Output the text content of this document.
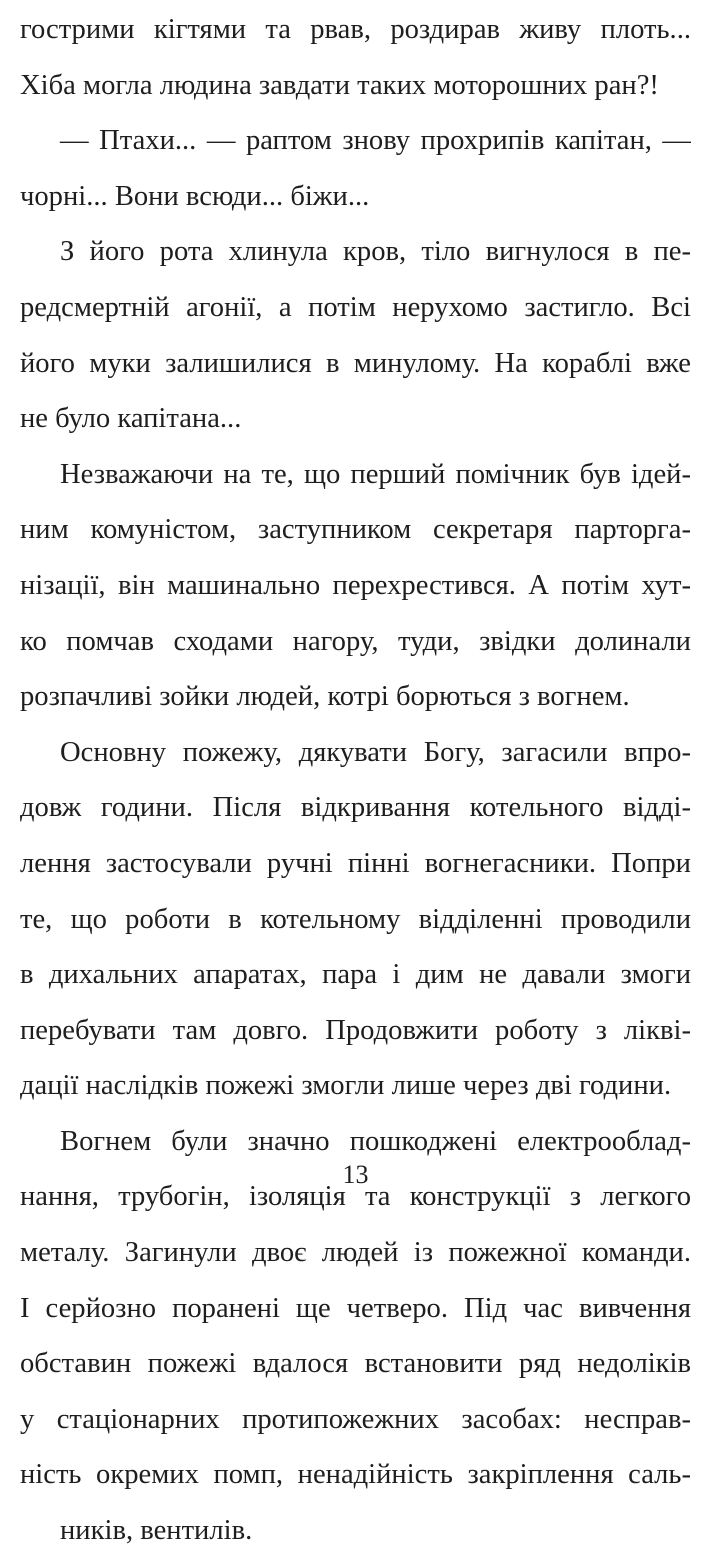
гострими кігтями та рвав, роздирав живу плоть...
Хіба могла людина завдати таких моторошних ран?!
— Птахи... — раптом знову прохрипів капітан, —
чорні... Вони всюди... біжи...
З його рота хлинула кров, тіло вигнулося в пе-
редсмертній агонії, а потім нерухомо застигло. Всі
його муки залишилися в минулому. На кораблі вже
не було капітана...
Незважаючи на те, що перший помічник був ідей-
ним комуністом, заступником секретаря парторга-
нізації, він машинально перехрестився. А потім хут-
ко помчав сходами нагору, туди, звідки долинали
розпачливі зойки людей, котрі борються з вогнем.
Основну пожежу, дякувати Богу, загасили впро-
довж години. Після відкривання котельного відді-
лення застосували ручні пінні вогнегасники. Попри
те, що роботи в котельному відділенні проводили
в дихальних апаратах, пара і дим не давали змоги
перебувати там довго. Продовжити роботу з ліквi-
дації наслідків пожежі змогли лише через дві години.
Вогнем були значно пошкоджені електрооблад-
нання, трубогін, ізоляція та конструкції з легкого
металу. Загинули двоє людей із пожежної команди.
І серйозно поранені ще четверо. Під час вивчення
обставин пожежі вдалося встановити ряд недоліків
у стаціонарних протипожежних засобах: несправ-
ність окремих помп, ненадійність закріплення саль-
ників, вентилів.
13
